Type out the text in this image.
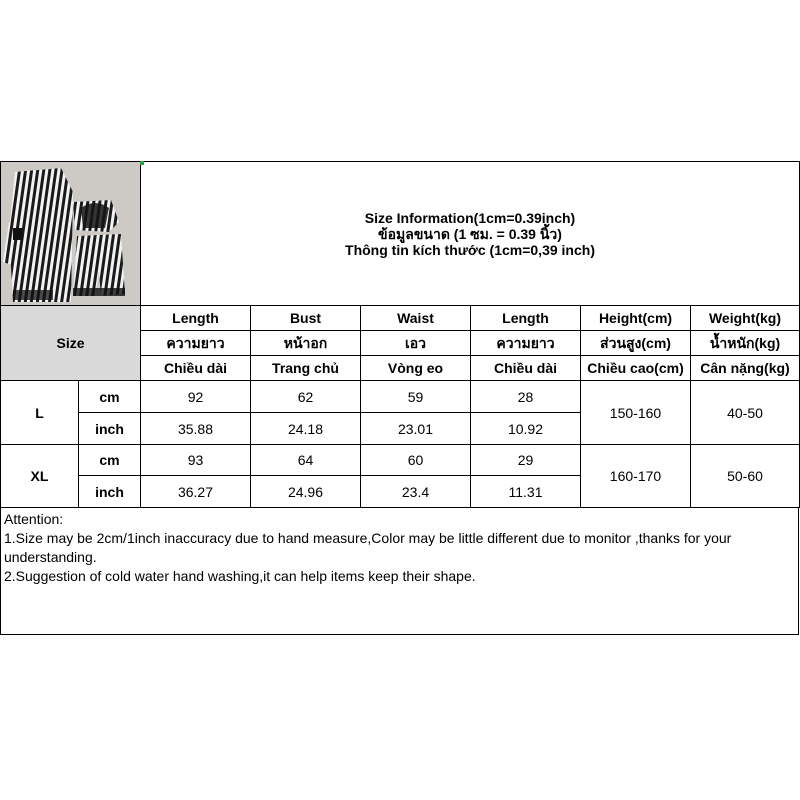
Size Information(1cm=0.39inch)
ข้อมูลขนาด (1 ซม. = 0.39 นิ้ว)
Thông tin kích thước (1cm=0,39 inch)					

Size		Length	Bust	Waist	Length	Height(cm)	Weight(kg)
		ความยาว	หน้าอก	เอว	ความยาว	ส่วนสูง(cm)	น้ำหนัก(kg)
		Chiều dài	Trang chủ	Vòng eo	Chiều dài	Chiều cao(cm)	Cân nặng(kg)
L	cm	92	62	59	28	150-160	40-50
	inch	35.88	24.18	23.01	10.92		
XL	cm	93	64	60	29	160-170	50-60
	inch	36.27	24.96	23.4	11.31		
Attention:
1.Size may be 2cm/1inch inaccuracy due to hand measure,Color may be little different due to monitor ,thanks for your understanding.
2.Suggestion of cold water hand washing,it can help items keep their shape.
